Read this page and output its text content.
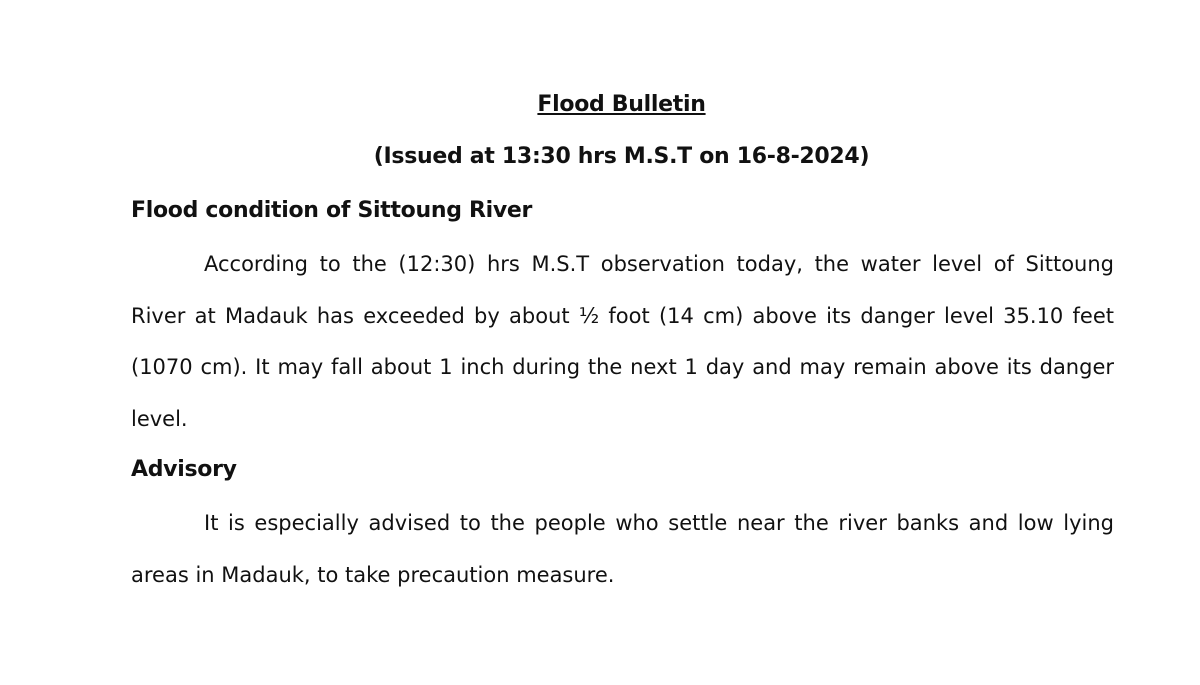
Flood Bulletin
(Issued at 13:30 hrs M.S.T on 16-8-2024)
Flood condition of Sittoung River

According to the (12:30) hrs M.S.T observation today, the water level of Sittoung River at Madauk has exceeded by about ½ foot (14 cm) above its danger level 35.10 feet (1070 cm). It may fall about 1 inch during the next 1 day and may remain above its danger level.

Advisory

It is especially advised to the people who settle near the river banks and low lying areas in Madauk, to take precaution measure.
